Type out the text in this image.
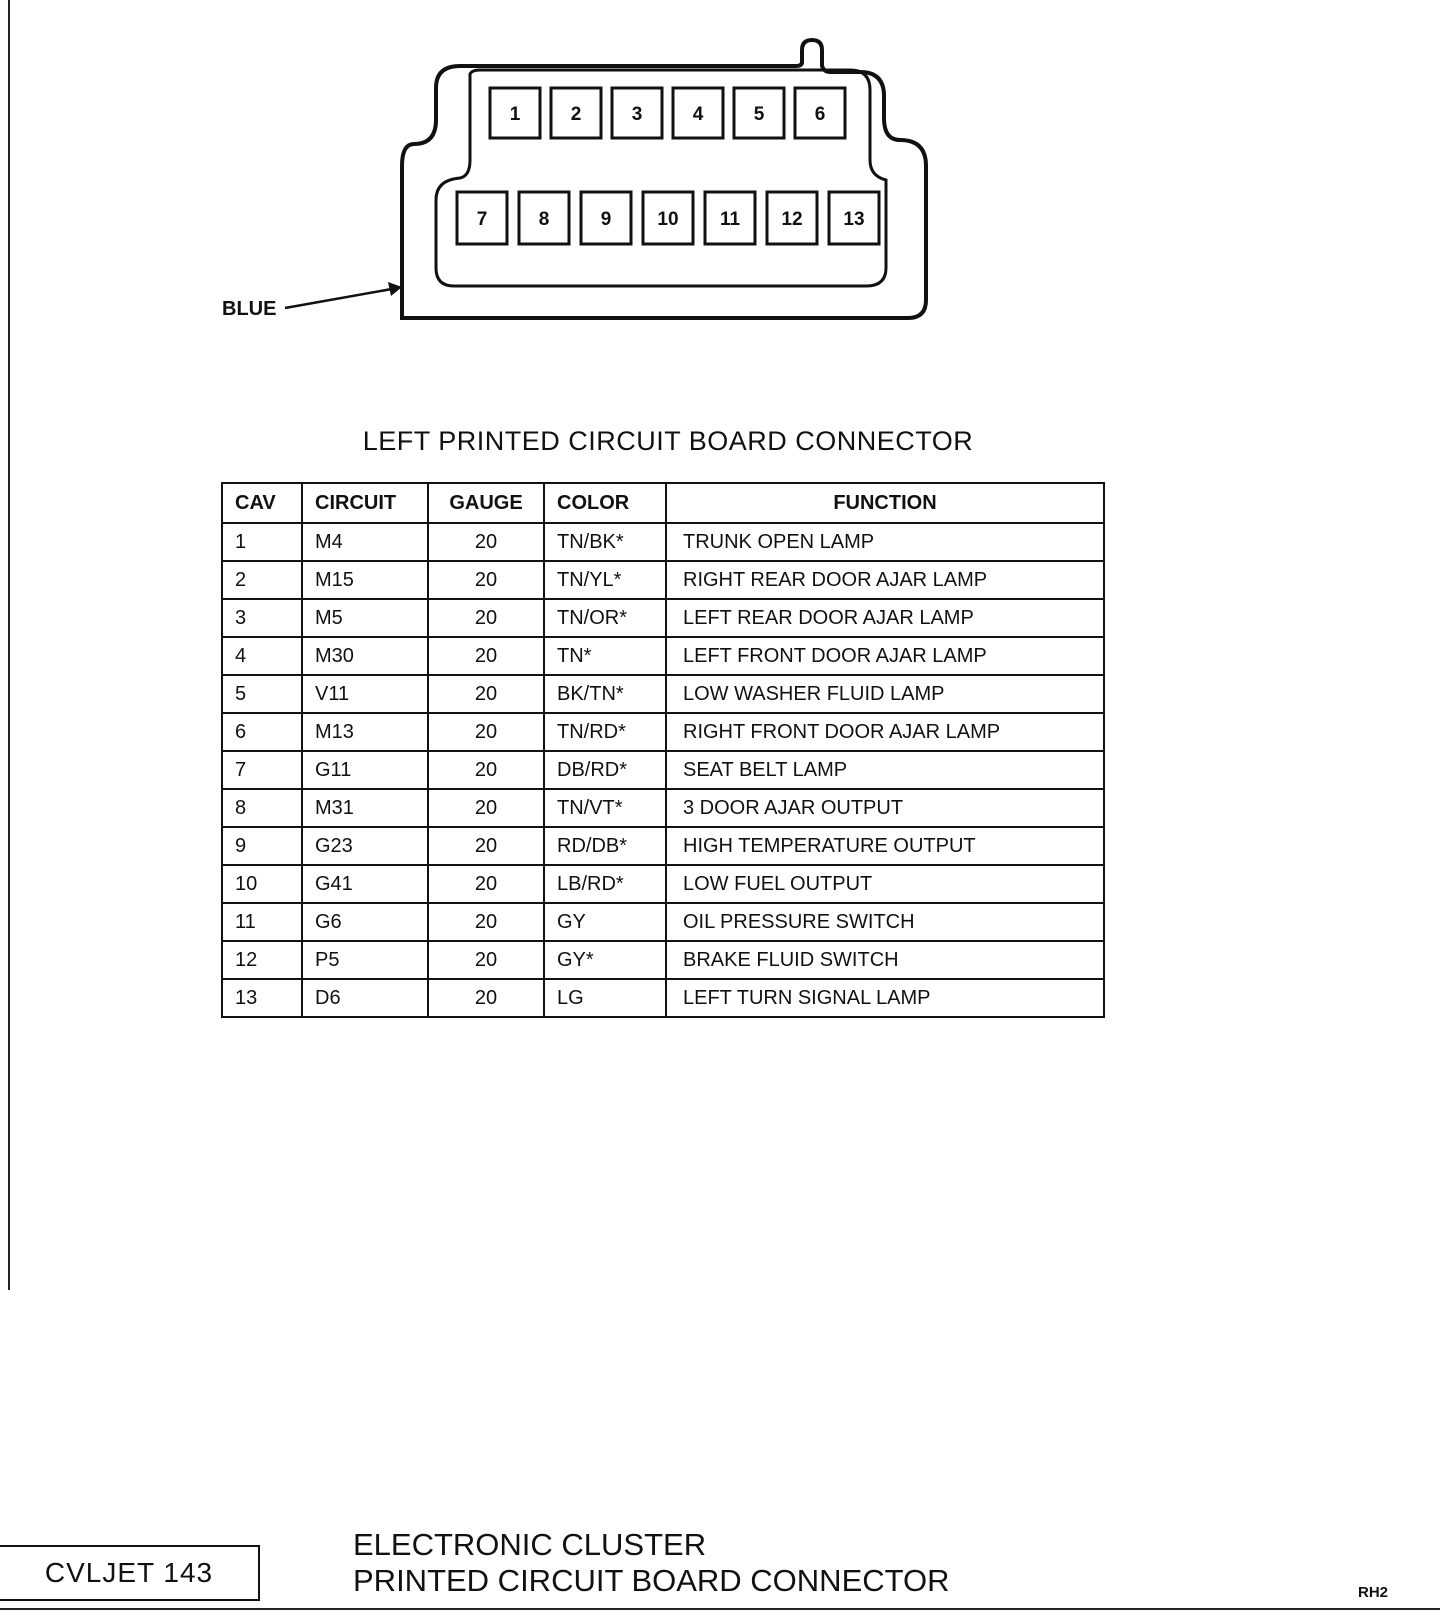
1	2	3	4	5	6
7	8	9 10 11 12 13
BLUE
LEFT PRINTED CIRCUIT BOARD CONNECTOR
CAV	CIRCUIT	GAUGE	COLOR	FUNCTION
1	M4	20	TN/BK*	TRUNK OPEN LAMP
2	M15	20	TN/YL*	RIGHT REAR DOOR AJAR LAMP
3	M5	20	TN/OR*	LEFT REAR DOOR AJAR LAMP
4	M30	20	TN*	LEFT FRONT DOOR AJAR LAMP
5	V11	20	BK/TN*	LOW WASHER FLUID LAMP
6	M13	20	TN/RD*	RIGHT FRONT DOOR AJAR LAMP
7	G11	20	DB/RD*	SEAT BELT LAMP
8	M31	20	TN/VT*	3 DOOR AJAR OUTPUT
9	G23	20	RD/DB*	HIGH TEMPERATURE OUTPUT
10	G41	20	LB/RD*	LOW FUEL OUTPUT
11	G6	20	GY	OIL PRESSURE SWITCH
12	P5	20	GY*	BRAKE FLUID SWITCH
13	D6	20	LG	LEFT TURN SIGNAL LAMP
CVLJET 143
ELECTRONIC CLUSTER
PRINTED CIRCUIT BOARD CONNECTOR	RH2
